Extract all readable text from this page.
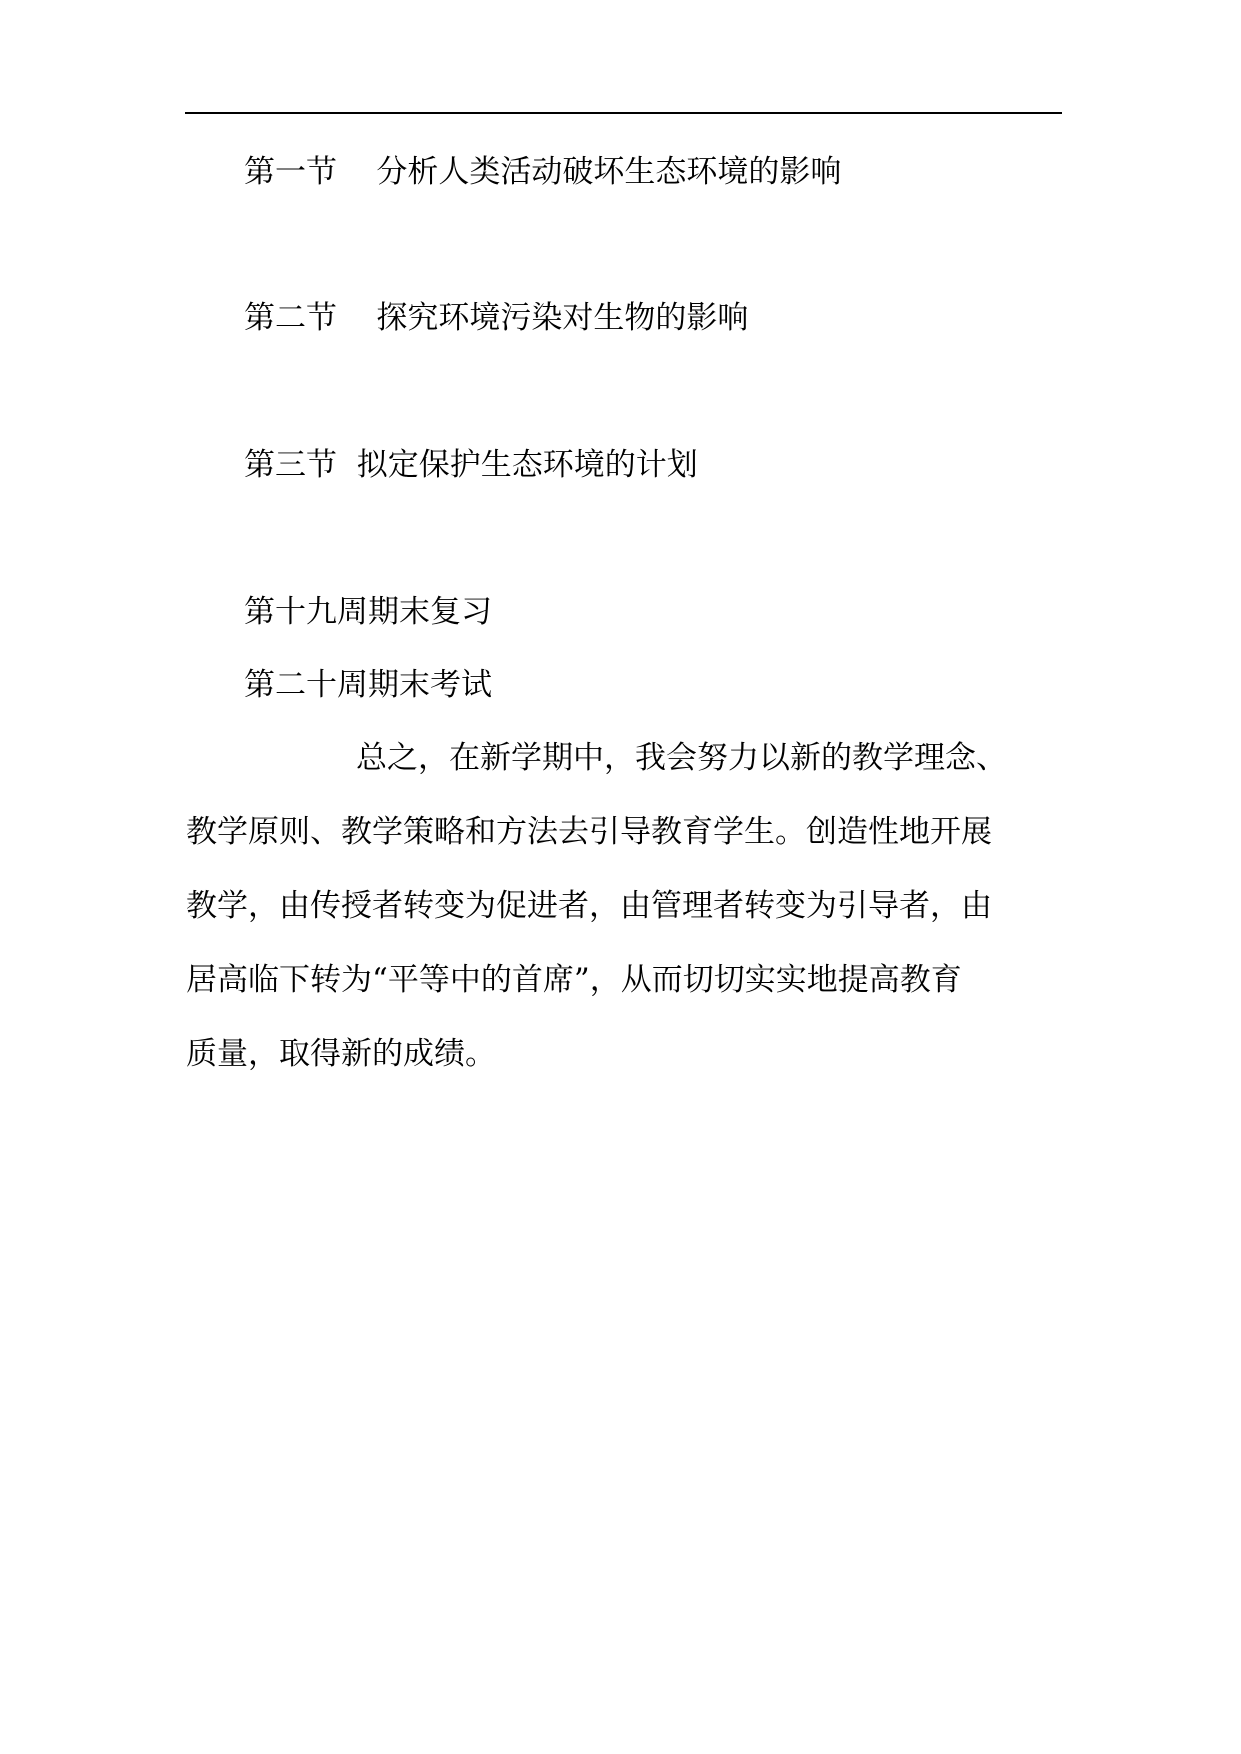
第一节 分析人类活动破坏生态环境的影响
第二节 探究环境污染对生物的影响
第三节 拟定保护生态环境的计划
第十九周期末复习
第二十周期末考试
总之，在新学期中，我会努力以新的教学理念、
教学原则、教学策略和方法去引导教育学生。创造性地开展
教学，由传授者转变为促进者，由管理者转变为引导者，由
居高临下转为“平等中的首席”，从而切切实实地提高教育
质量，取得新的成绩。
